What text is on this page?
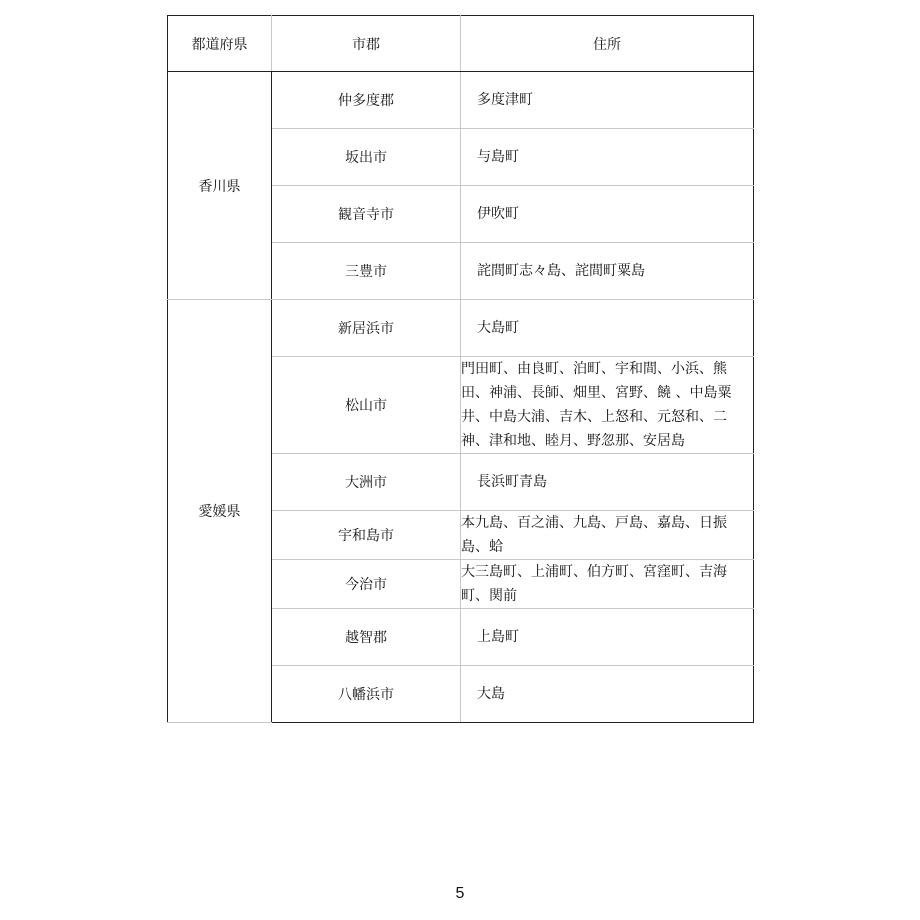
都道府県	市郡	住所
香川県	仲多度郡	多度津町
	坂出市	与島町
	観音寺市	伊吹町
	三豊市	詫間町志々島、詫間町粟島
愛媛県	新居浜市	大島町
	松山市	門田町、由良町、泊町、宇和間、小浜、熊田、神浦、長師、畑里、宮野、饒 、中島粟井、中島大浦、吉木、上怒和、元怒和、二神、津和地、睦月、野忽那、安居島
	大洲市	長浜町青島
	宇和島市	本九島、百之浦、九島、戸島、嘉島、日振島、蛤
	今治市	大三島町、上浦町、伯方町、宮窪町、吉海町、関前
	越智郡	上島町
	八幡浜市	大島
5
